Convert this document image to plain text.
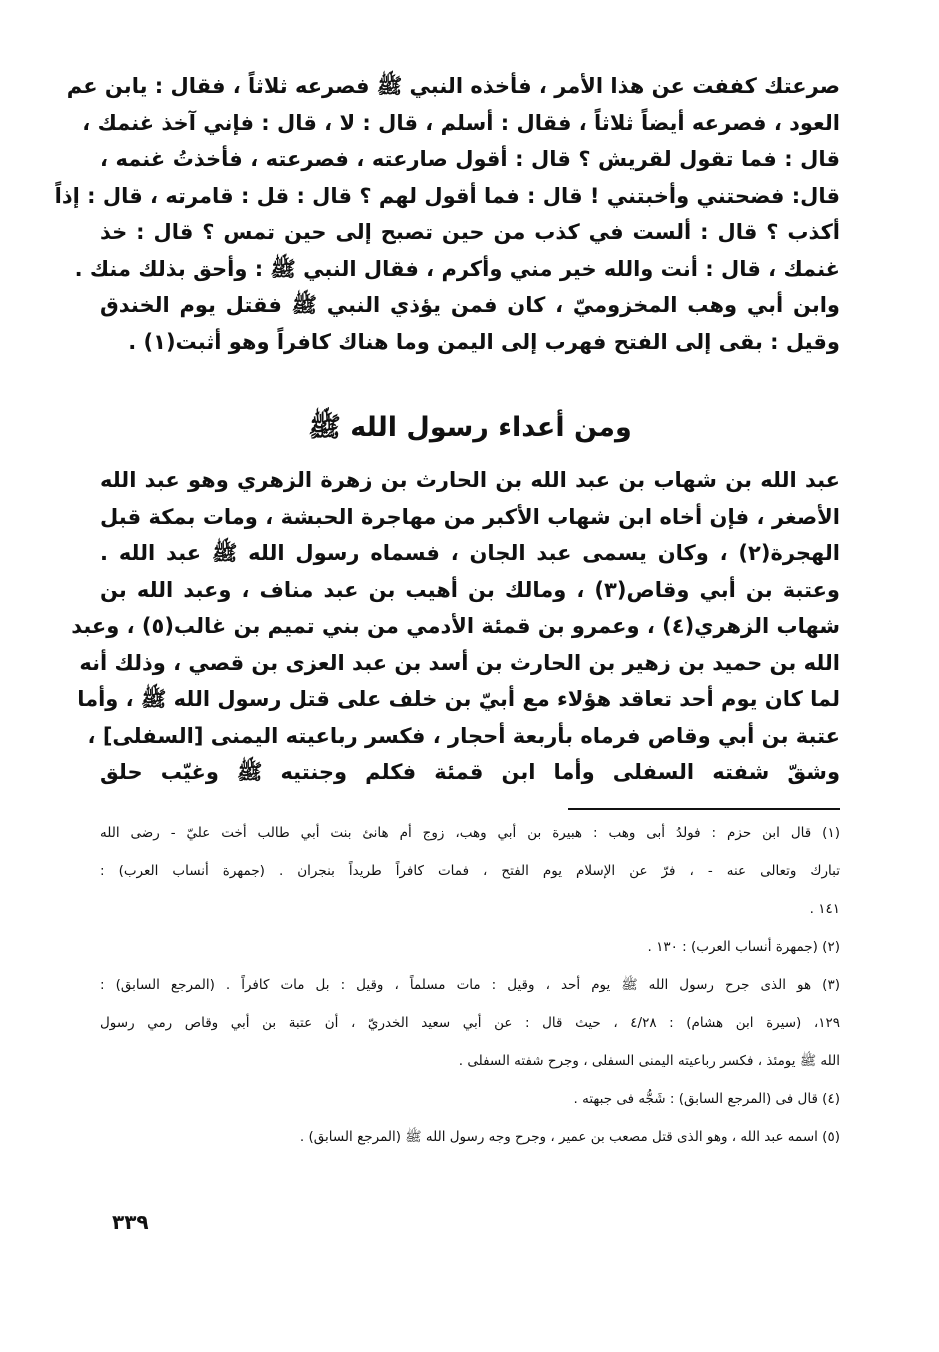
صرعتك كففت عن هذا الأمر ، فأخذه النبي ﷺ فصرعه ثلاثاً ، فقال : يابن عم
العود ، فصرعه أيضاً ثلاثاً ، فقال : أسلم ، قال : لا ، قال : فإني آخذ غنمك ،
قال : فما تقول لقريش ؟ قال : أقول صارعته ، فصرعته ، فأخذتُ غنمه ،
قال: فضحتني وأخبتني ! قال : فما أقول لهم ؟ قال : قل : قامرته ، قال : إذاً
أكذب ؟ قال : ألست في كذب من حين تصبح إلى حين تمس ؟ قال : خذ
غنمك ، قال : أنت والله خير مني وأكرم ، فقال النبي ﷺ : وأحق بذلك منك .
وابن أبي وهب المخزوميّ ، كان فمن يؤذي النبي ﷺ فقتل يوم الخندق
وقيل : بقى إلى الفتح فهرب إلى اليمن وما هناك كافراً وهو أثبت(١) .
ومن أعداء رسول الله ﷺ
عبد الله بن شهاب بن عبد الله بن الحارث بن زهرة الزهري وهو عبد الله
الأصغر ، فإن أخاه ابن شهاب الأكبر من مهاجرة الحبشة ، ومات بمكة قبل
الهجرة(٢) ، وكان يسمى عبد الجان ، فسماه رسول الله ﷺ عبد الله .
وعتبة بن أبي وقاص(٣) ، ومالك بن أهيب بن عبد مناف ، وعبد الله بن
شهاب الزهري(٤) ، وعمرو بن قمئة الأدمي من بني تميم بن غالب(٥) ، وعبد
الله بن حميد بن زهير بن الحارث بن أسد بن عبد العزى بن قصي ، وذلك أنه
لما كان يوم أحد تعاقد هؤلاء مع أبيّ بن خلف على قتل رسول الله ﷺ ، وأما
عتبة بن أبي وقاص فرماه بأربعة أحجار ، فكسر رباعيته اليمنى [السفلى] ،
وشقّ شفته السفلى وأما ابن قمئة فكلم وجنتيه ﷺ وغيّب حلق
(١) قال ابن حزم : فولدُ أبى وهب : هبيرة بن أبي وهب، زوج أم هانئ بنت أبي طالب أخت عليّ - رضى الله
تبارك وتعالى عنه - ، فرّ عن الإسلام يوم الفتح ، فمات كافراً طريداً بنجران . (جمهرة أنساب العرب) :
١٤١ .
(٢) (جمهرة أنساب العرب) : ١٣٠ .
(٣) هو الذى جرح رسول الله ﷺ يوم أحد ، وقيل : مات مسلماً ، وقيل : بل مات كافراً . (المرجع السابق) :
١٢٩، (سيرة ابن هشام) : ٤/٢٨ ، حيث قال : عن أبي سعيد الخدريّ ، أن عتبة بن أبي وقاص رمي رسول
الله ﷺ يومئذ ، فكسر رباعيته اليمنى السفلى ، وجرح شفته السفلى .
(٤) قال فى (المرجع السابق) : شَجُّه فى جبهته .
(٥) اسمه عبد الله ، وهو الذى قتل مصعب بن عمير ، وجرح وجه رسول الله ﷺ (المرجع السابق) .
٣٣٩
